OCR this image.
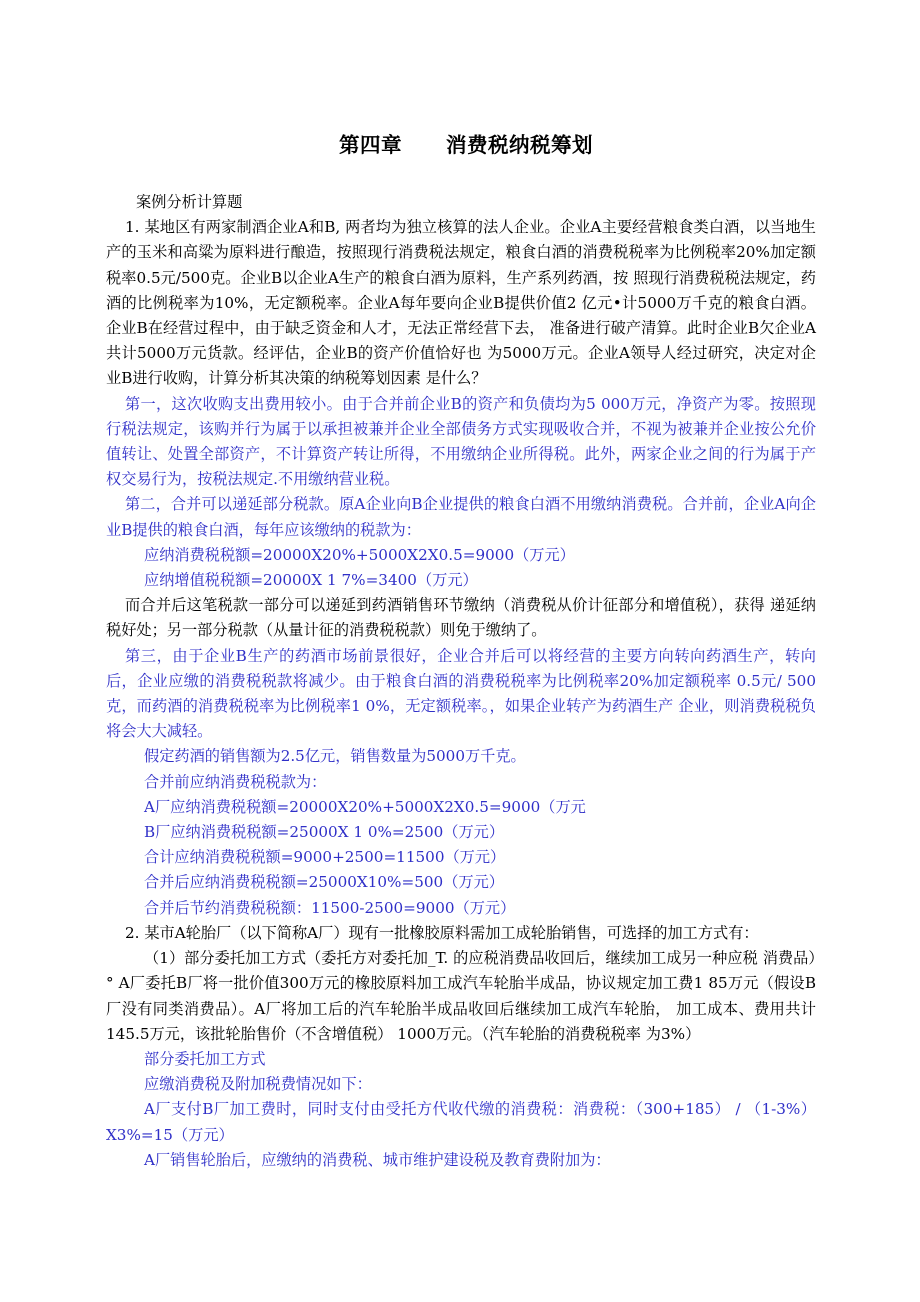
第四章 消费税纳税筹划

案例分析计算题

1. 某地区有两家制酒企业A和B, 两者均为独立核算的法人企业。企业A主要经营粮食类白酒，以当地生产的玉米和高粱为原料进行酿造，按照现行消费税法规定，粮食白酒的消费税税率为比例税率20%加定额税率0.5元/500克。企业B以企业A生产的粮食白酒为原料，生产系列药酒，按 照现行消费税税法规定，药酒的比例税率为10%，无定额税率。企业A每年要向企业B提供价值2 亿元•计5000万千克的粮食白酒。企业B在经营过程中，由于缺乏资金和人才，无法正常经营下去， 准备进行破产清算。此时企业B欠企业A共计5000万元货款。经评估，企业B的资产价值恰好也 为5000万元。企业A领导人经过研究，决定对企业B进行收购，计算分析其决策的纳税筹划因素 是什么？

第一，这次收购支出费用较小。由于合并前企业B的资产和负债均为5 000万元，净资产为零。按照现行税法规定，该购并行为属于以承担被兼并企业全部债务方式实现吸收合并，不视为被兼并企业按公允价值转让、处置全部资产，不计算资产转让所得，不用缴纳企业所得税。此外，两家企业之间的行为属于产权交易行为，按税法规定.不用缴纳营业税。

第二，合并可以递延部分税款。原A企业向B企业提供的粮食白酒不用缴纳消费税。合并前，企业A向企业B提供的粮食白酒，每年应该缴纳的税款为：

应纳消费税税额=20000X20%+5000X2X0.5=9000（万元）

应纳增值税税额=20000X 1 7%=3400（万元）

而合并后这笔税款一部分可以递延到药酒销售环节缴纳（消费税从价计征部分和增值税），获得 递延纳税好处；另一部分税款（从量计征的消费税税款）则免于缴纳了。

第三，由于企业B生产的药酒市场前景很好，企业合并后可以将经营的主要方向转向药酒生产，转向后，企业应缴的消费税税款将减少。由于粮食白酒的消费税税率为比例税率20%加定额税率 0.5元/ 500克，而药酒的消费税税率为比例税率1 0%，无定额税率。，如果企业转产为药酒生产 企业，则消费税税负将会大大减轻。

假定药酒的销售额为2.5亿元，销售数量为5000万千克。

合并前应纳消费税税款为：

A厂应纳消费税税额=20000X20%+5000X2X0.5=9000（万元

B厂应纳消费税税额=25000X 1 0%=2500（万元）

合计应纳消费税税额=9000+2500=11500（万元）

合并后应纳消费税税额=25000X10%=500（万元）

合并后节约消费税税额：11500-2500=9000（万元）

2. 某市A轮胎厂（以下简称A厂）现有一批橡胶原料需加工成轮胎销售，可选择的加工方式有：

（1）部分委托加工方式（委托方对委托加_T. 的应税消费品收回后，继续加工成另一种应税 消费品）° A厂委托B厂将一批价值300万元的橡胶原料加工成汽车轮胎半成品，协议规定加工费1 85万元（假设B厂没有同类消费品）。A厂将加工后的汽车轮胎半成品收回后继续加工成汽车轮胎， 加工成本、费用共计145.5万元，该批轮胎售价（不含增值税） 1000万元。（汽车轮胎的消费税税率 为3%）

部分委托加工方式

应缴消费税及附加税费情况如下：

A厂支付B厂加工费时，同时支付由受托方代收代缴的消费税：消费税：（300+185） / （1-3%） X3%=15（万元）

A厂销售轮胎后，应缴纳的消费税、城市维护建设税及教育费附加为：
